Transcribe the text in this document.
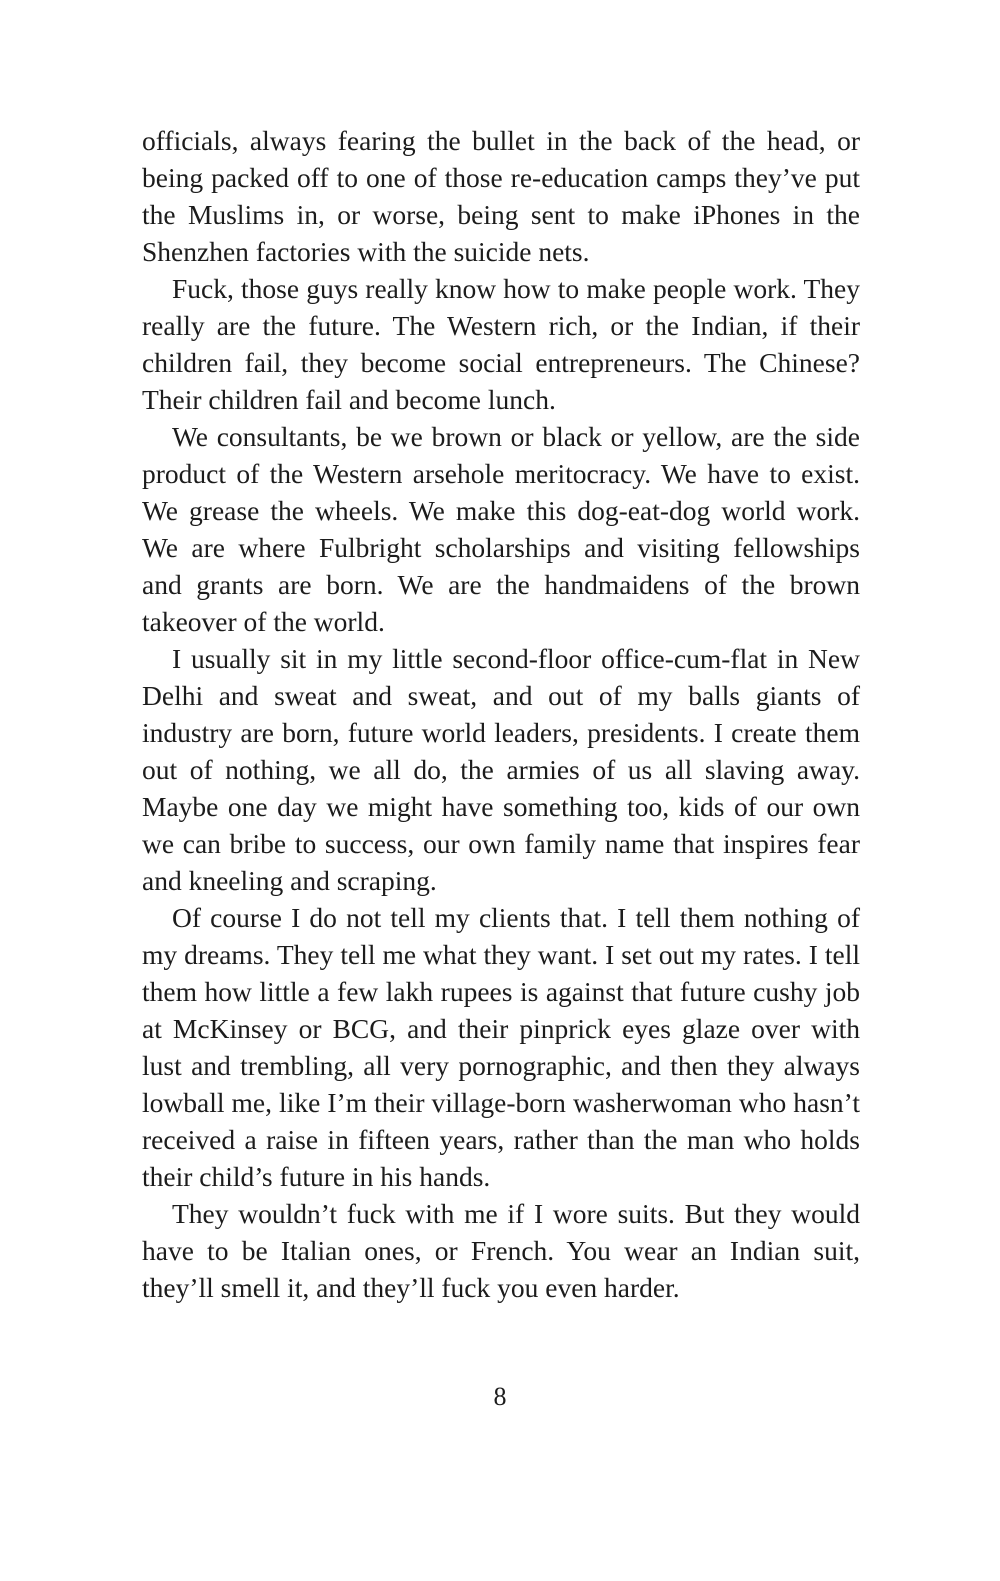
officials, always fearing the bullet in the back of the head, or being packed off to one of those re-education camps they’ve put the Muslims in, or worse, being sent to make iPhones in the Shenzhen factories with the suicide nets.

Fuck, those guys really know how to make people work. They really are the future. The Western rich, or the Indian, if their children fail, they become social entrepreneurs. The Chinese? Their children fail and become lunch.

We consultants, be we brown or black or yellow, are the side product of the Western arsehole meritocracy. We have to exist. We grease the wheels. We make this dog-eat-dog world work. We are where Fulbright scholarships and visiting fellowships and grants are born. We are the handmaidens of the brown takeover of the world.

I usually sit in my little second-floor office-cum-flat in New Delhi and sweat and sweat, and out of my balls giants of industry are born, future world leaders, presidents. I create them out of nothing, we all do, the armies of us all slaving away. Maybe one day we might have something too, kids of our own we can bribe to success, our own family name that inspires fear and kneeling and scraping.

Of course I do not tell my clients that. I tell them nothing of my dreams. They tell me what they want. I set out my rates. I tell them how little a few lakh rupees is against that future cushy job at McKinsey or BCG, and their pinprick eyes glaze over with lust and trembling, all very pornographic, and then they always lowball me, like I’m their village-born washerwoman who hasn’t received a raise in fifteen years, rather than the man who holds their child’s future in his hands.

They wouldn’t fuck with me if I wore suits. But they would have to be Italian ones, or French. You wear an Indian suit, they’ll smell it, and they’ll fuck you even harder.

8
